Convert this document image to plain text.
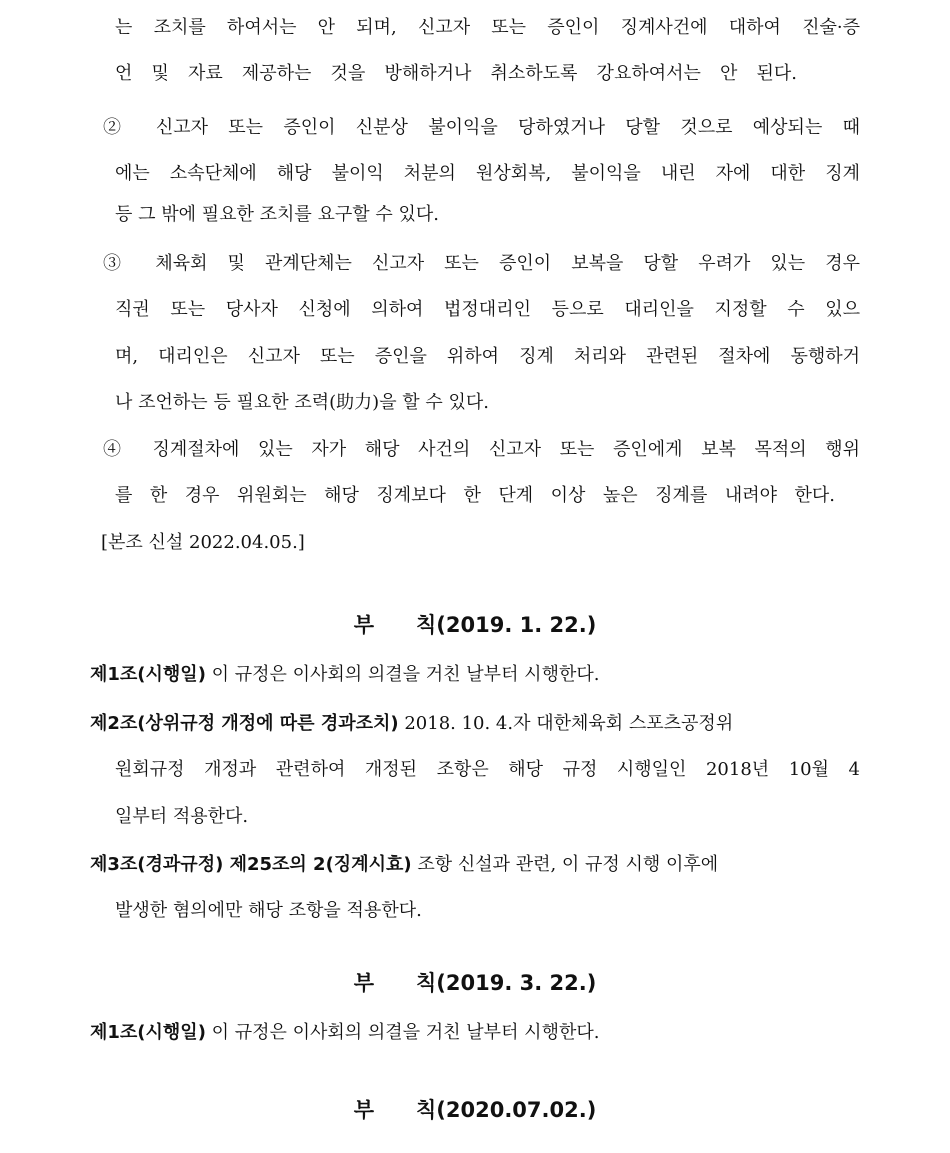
는 조치를 하여서는 안 되며, 신고자 또는 증인이 징계사건에 대하여 진술·증
언 및 자료 제공하는 것을 방해하거나 취소하도록 강요하여서는 안 된다.
② 신고자 또는 증인이 신분상 불이익을 당하였거나 당할 것으로 예상되는 때
에는 소속단체에 해당 불이익 처분의 원상회복, 불이익을 내린 자에 대한 징계
등 그 밖에 필요한 조치를 요구할 수 있다.
③ 체육회 및 관계단체는 신고자 또는 증인이 보복을 당할 우려가 있는 경우
직권 또는 당사자 신청에 의하여 법정대리인 등으로 대리인을 지정할 수 있으
며, 대리인은 신고자 또는 증인을 위하여 징계 처리와 관련된 절차에 동행하거
나 조언하는 등 필요한 조력(助力)을 할 수 있다.
④ 징계절차에 있는 자가 해당 사건의 신고자 또는 증인에게 보복 목적의 행위
를 한 경우 위원회는 해당 징계보다 한 단계 이상 높은 징계를 내려야 한다.
[본조 신설 2022.04.05.]
부 칙(2019. 1. 22.)
제1조(시행일) 이 규정은 이사회의 의결을 거친 날부터 시행한다.
제2조(상위규정 개정에 따른 경과조치) 2018. 10. 4.자 대한체육회 스포츠공정위
원회규정 개정과 관련하여 개정된 조항은 해당 규정 시행일인 2018년 10월 4
일부터 적용한다.
제3조(경과규정) 제25조의 2(징계시효) 조항 신설과 관련, 이 규정 시행 이후에
발생한 혐의에만 해당 조항을 적용한다.
부 칙(2019. 3. 22.)
제1조(시행일) 이 규정은 이사회의 의결을 거친 날부터 시행한다.
부 칙(2020.07.02.)
